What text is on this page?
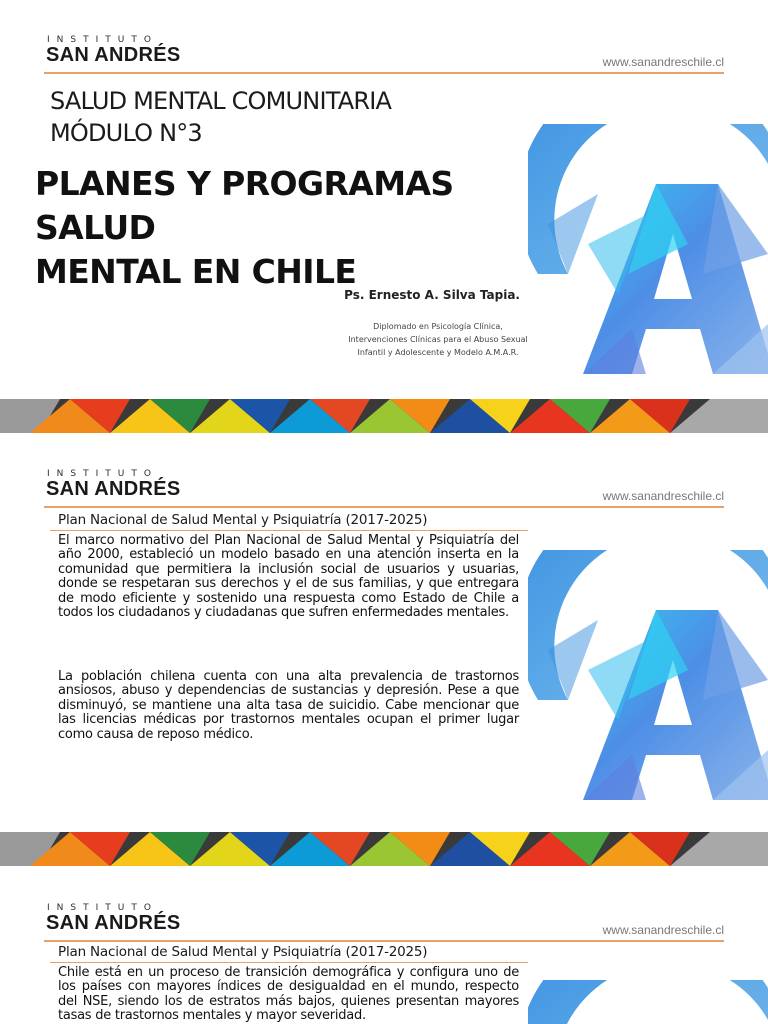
INSTITUTO
SAN ANDRÉS	www.sanandreschile.cl
SALUD MENTAL COMUNITARIA
MÓDULO N°3
PLANES Y PROGRAMAS SALUD
MENTAL EN CHILE
Ps. Ernesto A. Silva Tapia.
Diplomado en Psicología Clínica,
Intervenciones Clínicas para el Abuso Sexual
Infantil y Adolescente y Modelo A.M.A.R.
INSTITUTO
SAN ANDRÉS	www.sanandreschile.cl
Plan Nacional de Salud Mental y Psiquiatría (2017-2025)
El marco normativo del Plan Nacional de Salud Mental y Psiquiatría del año 2000, estableció un modelo basado en una atención inserta en la comunidad que permitiera la inclusión social de usuarios y usuarias, donde se respetaran sus derechos y el de sus familias, y que entregara de modo eficiente y sostenido una respuesta como Estado de Chile a todos los ciudadanos y ciudadanas que sufren enfermedades mentales.
La población chilena cuenta con una alta prevalencia de trastornos ansiosos, abuso y dependencias de sustancias y depresión. Pese a que disminuyó, se mantiene una alta tasa de suicidio. Cabe mencionar que las licencias médicas por trastornos mentales ocupan el primer lugar como causa de reposo médico.
INSTITUTO
SAN ANDRÉS	www.sanandreschile.cl
Plan Nacional de Salud Mental y Psiquiatría (2017-2025)
Chile está en un proceso de transición demográfica y configura uno de los países con mayores índices de desigualdad en el mundo, respecto del NSE, siendo los de estratos más bajos, quienes presentan mayores tasas de trastornos mentales y mayor severidad.
